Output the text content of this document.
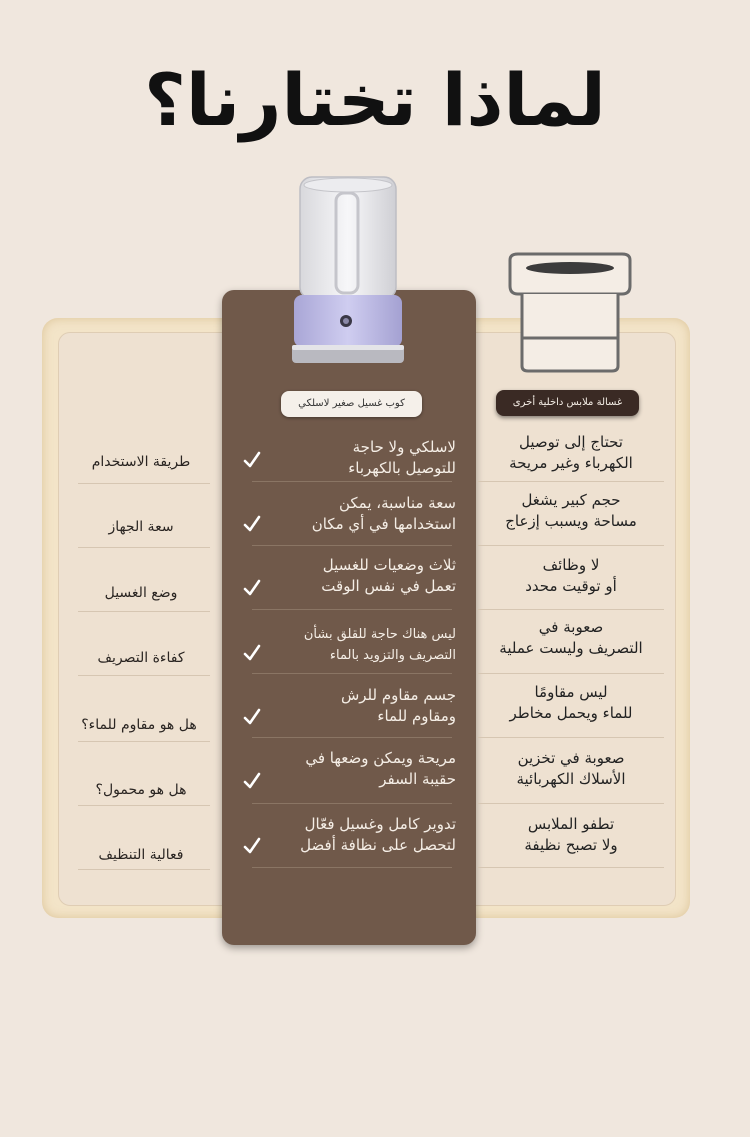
لماذا تختارنا؟
كوب غسيل صغير لاسلكي	غسالة ملابس داخلية أخرى
طريقة الاستخدام
لاسلكي ولا حاجة
للتوصيل بالكهرباء
تحتاج إلى توصيل
الكهرباء وغير مريحة
سعة الجهاز
سعة مناسبة، يمكن
استخدامها في أي مكان
حجم كبير يشغل
مساحة ويسبب إزعاج
وضع الغسيل
ثلاث وضعيات للغسيل
تعمل في نفس الوقت
لا وظائف
أو توقيت محدد
كفاءة التصريف
ليس هناك حاجة للقلق بشأن
التصريف والتزويد بالماء
صعوبة في
التصريف وليست عملية
هل هو مقاوم للماء؟
جسم مقاوم للرش
ومقاوم للماء
ليس مقاومًا
للماء ويحمل مخاطر
هل هو محمول؟
مريحة ويمكن وضعها في
حقيبة السفر
صعوبة في تخزين
الأسلاك الكهربائية
فعالية التنظيف
تدوير كامل وغسيل فعّال
لتحصل على نظافة أفضل
تطفو الملابس
ولا تصبح نظيفة
